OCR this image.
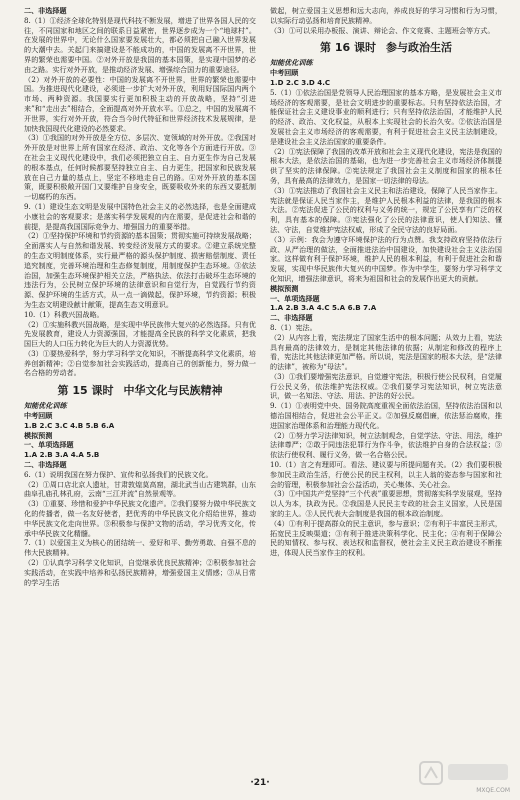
二、非选择题

8.（1）①经济全球化特别是现代科技不断发展，增进了世界各国人民的交往，不同国家和地区之间的联系日益紧密，世界逐步成为一个“地球村”。在发展的世界中，无论什么国家要发展壮大，都必须把自己融入世界发展的大潮中去。关起门来搞建设是不能成功的，中国的发展离不开世界，世界的繁荣也需要中国。②对外开放是我国的基本国策，是实现中国梦的必由之路。实行对外开放，是推动经济发展、增强综合国力的重要途径。

（2）对外开放的必要性：中国的发展离不开世界，世界的繁荣也需要中国。为推进现代化建设，必须进一步扩大对外开放，利用好国际国内两个市场、两种资源。我国要实行更加积极主动的开放战略，坚持“引进来”和“走出去”相结合，全面提高对外开放水平。①总之，中国的发展离不开世界，实行对外开放，符合当今时代特征和世界经济技术发展规律，是加快我国现代化建设的必然要求。

（3）①我国的对外开放是全方位、多层次、宽领域的对外开放。②我国对外开放是对世界上所有国家在经济、政治、文化等各个方面进行开放。③在社会主义现代化建设中，我们必须把独立自主、自力更生作为自己发展的根本基点，任何时候都要坚持独立自主、自力更生，把国家和民族发展放在自己力量的基点上，坚定不移地走自己的路。④对外开放的基本国策，既要积极敞开国门又要维护自身安全，既要吸收外来的东西又要抵制一切腐朽的东西。

9.（1）建设生态文明是发展中国特色社会主义的必然选择，也是全面建成小康社会的客观要求；是落实科学发展观的内在需要，是促进社会和谐的前提，是提高我国国际竞争力、增强国力的重要举措。

（2）①坚持保护环境和节约资源的基本国策；贯彻实施可持续发展战略；全面落实人与自然和谐发展、转变经济发展方式的要求。②建立系统完整的生态文明制度体系，实行最严格的源头保护制度、损害赔偿制度、责任追究制度，完善环境治理和生态修复制度，用制度保护生态环境。③依法治国，加强生态环境保护相关立法，严格执法、依法打击破坏生态环境的违法行为，公民树立保护环境的法律意识和自觉行为，自觉践行节约资源、保护环境的生活方式，从一点一滴做起，保护环境，节约资源；积极为生态文明建设献计献策，提高生态文明意识。

10.（1）科教兴国战略。

（2）①实施科教兴国战略，是实现中华民族伟大复兴的必然选择。只有优先发展教育，建设人力资源强国，才能提高全民族的科学文化素质，把我国巨大的人口压力转化为巨大的人力资源优势。

（3）①要热爱科学，努力学习科学文化知识，不断提高科学文化素质，培养创新精神；②自觉参加社会实践活动，提高自己的创新能力，努力做一名合格的劳动者。

第 15 课时 中华文化与民族精神

知能优化训练

中考回顾

1.B 2.C 3.C 4.B 5.B 6.A

模拟预测

一、单项选择题

1.A 2.B 3.A 4.A 5.B

二、非选择题

6.（1）说明我国在努力保护、宣传和弘扬我们的民族文化。

（2）①周口店北京人遗址，甘肃敦煌莫高窟，湖北武当山古建筑群，山东曲阜孔庙孔林孔府，云南“三江并流”自然景观等。

（3）①重要、珍惜和爱护中华民族文化遗产。②我们要努力做中华民族文化的传播者，做一名友好使者，把优秀的中华民族文化介绍给世界，推动中华民族文化走向世界。③积极参与保护文物的活动，学习优秀文化，传承中华民族文化精髓。

7.（1）以爱国主义为核心的团结统一、爱好和平、勤劳勇敢、自强不息的伟大民族精神。

（2）①认真学习科学文化知识，自觉继承优良民族精神；②积极参加社会实践活动，在实践中培养和弘扬民族精神，增强爱国主义情感；③从日常的学习生活

做起，树立爱国主义思想和远大志向，养成良好的学习习惯和行为习惯，以实际行动弘扬和培育民族精神。

（3）①可以采用办板报、演讲、辩论会、作文竞赛、主题班会等方式。

第 16 课时 参与政治生活

知能优化训练

中考回顾

1.D 2.C 3.D 4.C

5.（1）①依法治国是党领导人民治理国家的基本方略，是发展社会主义市场经济的客观需要，是社会文明进步的重要标志。只有坚持依法治国，才能保证社会主义建设事业的顺利进行；只有坚持依法治国，才能维护人民的经济、政治、文化权益，从根本上实现社会的长治久安。②依法治国是发展社会主义市场经济的客观需要，有利于促进社会主义民主法制建设，是建设社会主义法治国家的重要条件。

（2）①宪法保障了我国的改革开放和社会主义现代化建设，宪法是我国的根本大法，是依法治国的基础，也为进一步完善社会主义市场经济体制提供了坚实的法律保障。②宪法规定了我国社会主义制度和国家的根本任务，具有最高的法律效力，是国家一切法律的母法。

（3）①宪法推动了我国社会主义民主和法治建设，保障了人民当家作主。宪法就是保证人民当家作主，是维护人民根本利益的法律，是我国的根本大法。②宪法促进了公民的权利与义务的统一，规定了公民享有广泛的权利，具有基本的保障。③宪法强化了公民的法律意识，使人们知法、懂法、守法，自觉维护宪法权威，形成了全民守法的良好局面。

（3）示例：我会为遵守环境保护法的行为点赞。我支持政府坚持依法行政、从严治理的做法，全面推进法治中国建设，加快建设社会主义法治国家。这样做有利于保护环境，维护人民的根本利益，有利于促进社会和谐发展，实现中华民族伟大复兴的中国梦。作为中学生，要努力学习科学文化知识，增强法律意识，将来为祖国和社会的发展作出更大的贡献。

模拟预测

一、单项选择题

1.A 2.B 3.A 4.C 5.A 6.B 7.A

二、非选择题

8.（1）宪法。

（2）从内容上看，宪法规定了国家生活中的根本问题；从效力上看，宪法具有最高的法律效力，是制定其他法律的依据；从制定和修改的程序上看，宪法比其他法律更加严格。所以说，宪法是国家的根本大法，是“法律的法律”，被称为“母法”。

（3）①我们要增强宪法意识，自觉遵守宪法，积极行使公民权利，自觉履行公民义务，依法维护宪法权威。②我们要学习宪法知识，树立宪法意识，做一名知法、守法、用法、护法的好公民。

9.（1）①表明党中央、国务院高度重视全面依法治国，坚持依法治国和以德治国相结合，促进社会公平正义。②加强反腐倡廉，依法惩治腐败，推进国家治理体系和治理能力现代化。

（2）①努力学习法律知识，树立法制观念，自觉学法、守法、用法，维护法律尊严；②敢于同违法犯罪行为作斗争，依法维护自身的合法权益；③依法行使权利、履行义务，做一名合格公民。

10.（1）言之有理即可。看法、建议要与所提问题有关。（2）我们要积极参加民主政治生活，行使公民的民主权利，以主人翁的姿态参与国家和社会的管理，积极参加社会公益活动，关心集体、关心社会。

（3）①中国共产党坚持“三个代表”重要思想，贯彻落实科学发展观，坚持以人为本，执政为民。②我国是人民民主专政的社会主义国家，人民是国家的主人。③人民代表大会制度是我国的根本政治制度。

（4）①有利于提高群众的民主意识，参与意识；②有利于丰富民主形式，拓宽民主反映渠道；③有利于推进决策科学化、民主化；④有利于保障公民的知情权、参与权、表达权和监督权，使社会主义民主政治建设不断推进，体现人民当家作主的权利。

·21·
MXQE.COM
